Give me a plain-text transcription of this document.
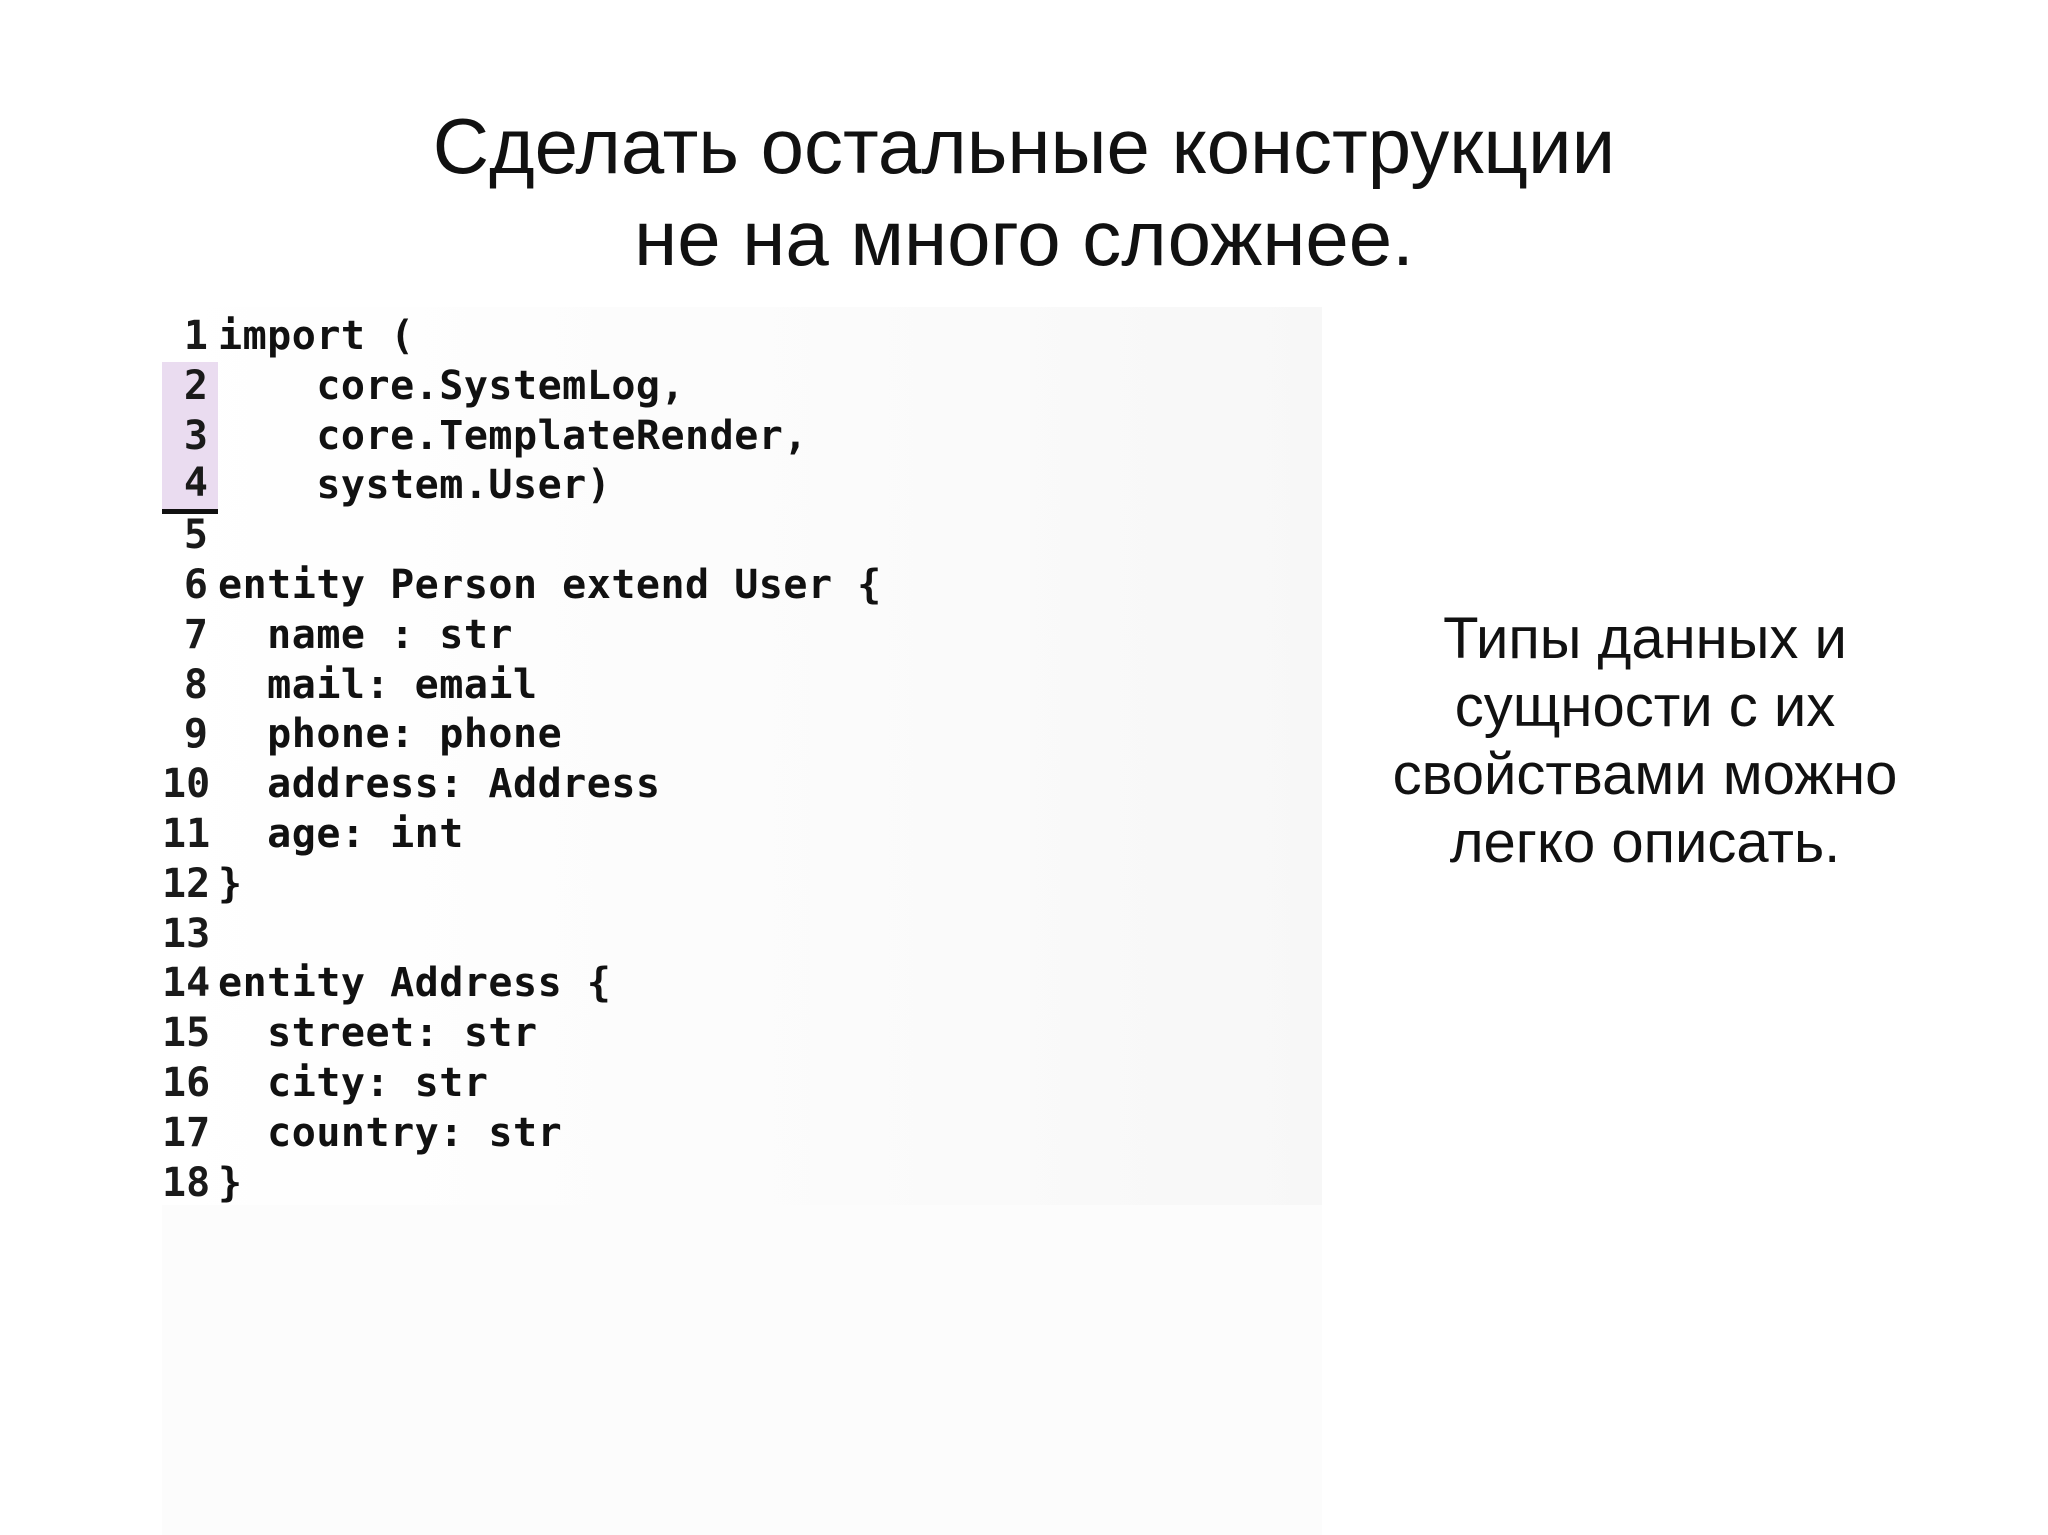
Сделать остальные конструкции
не на много сложнее.
1 import (
2 core.SystemLog,
3 core.TemplateRender,
4 system.User)
5
6 entity Person extend User {
7 name : str
8 mail: email
9 phone: phone
10 address: Address
11 age: int
12 }
13
14 entity Address {
15 street: str
16 city: str
17 country: str
18 }
Типы данных и
сущности с их
свойствами можно
легко описать.
